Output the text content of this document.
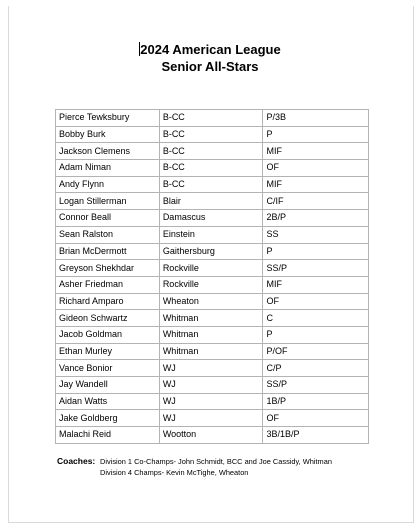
2024 American League
Senior All-Stars
Pierce Tewksbury	B-CC	P/3B
Bobby Burk	B-CC	P
Jackson Clemens	B-CC	MIF
Adam Niman	B-CC	OF
Andy Flynn	B-CC	MIF
Logan Stillerman	Blair	C/IF
Connor Beall	Damascus	2B/P
Sean Ralston	Einstein	SS
Brian McDermott	Gaithersburg	P
Greyson Shekhdar	Rockville	SS/P
Asher Friedman	Rockville	MIF
Richard Amparo	Wheaton	OF
Gideon Schwartz	Whitman	C
Jacob Goldman	Whitman	P
Ethan Murley	Whitman	P/OF
Vance Bonior	WJ	C/P
Jay Wandell	WJ	SS/P
Aidan Watts	WJ	1B/P
Jake Goldberg	WJ	OF
Malachi Reid	Wootton	3B/1B/P
Coaches: Division 1 Co-Champs- John Schmidt, BCC and Joe Cassidy, Whitman
Division 4 Champs- Kevin McTighe, Wheaton
